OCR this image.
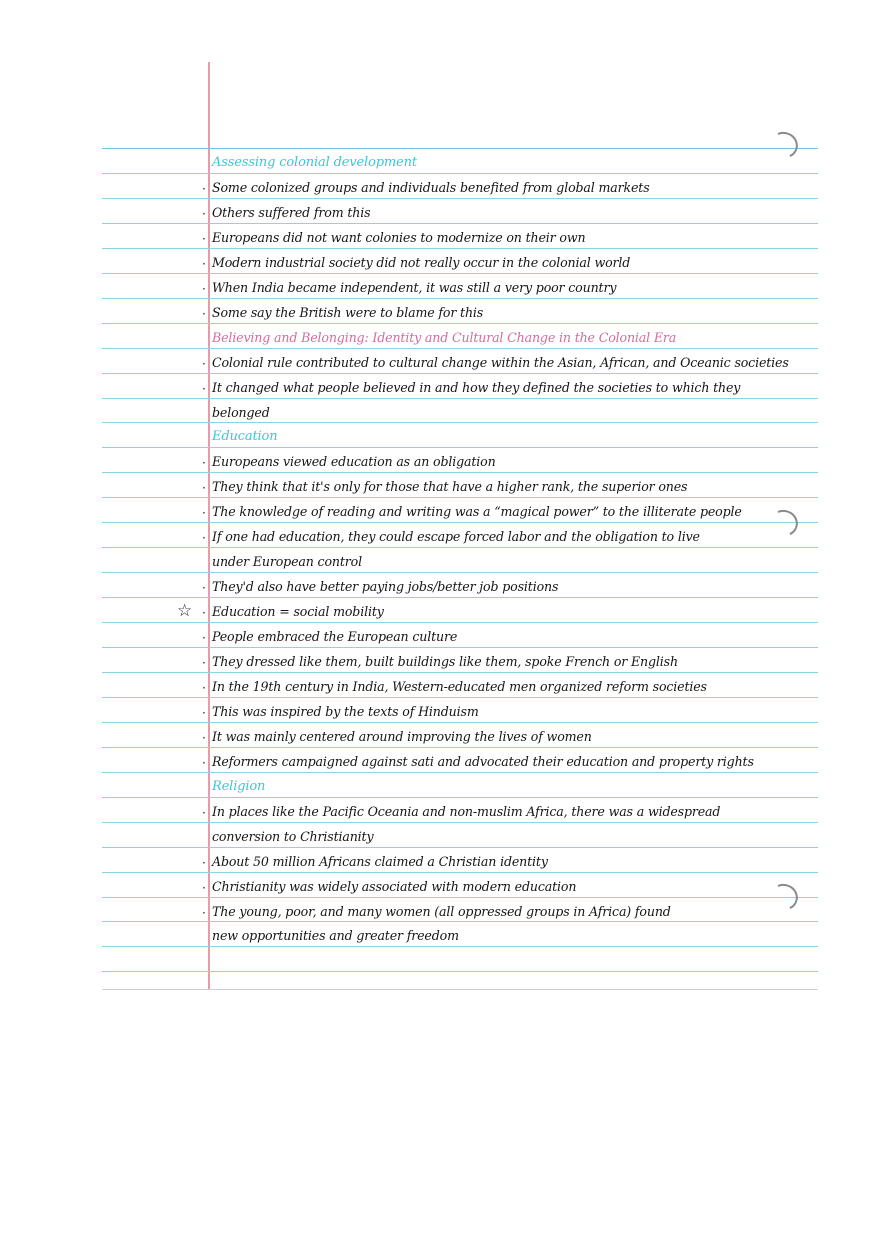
Assessing colonial development
· Some colonized groups and individuals benefited from global markets
· Others suffered from this
· Europeans did not want colonies to modernize on their own
· Modern industrial society did not really occur in the colonial world
· When India became independent, it was still a very poor country
· Some say the British were to blame for this
Believing and Belonging: Identity and Cultural Change in the Colonial Era
· Colonial rule contributed to cultural change within the Asian, African, and Oceanic societies
· It changed what people believed in and how they defined the societies to which they
belonged
Education
· Europeans viewed education as an obligation
· They think that it's only for those that have a higher rank, the superior ones
· The knowledge of reading and writing was a “magical power” to the illiterate people
· If one had education, they could escape forced labor and the obligation to live
under European control
· They'd also have better paying jobs/better job positions
☆ · Education = social mobility
· People embraced the European culture
· They dressed like them, built buildings like them, spoke French or English
· In the 19th century in India, Western-educated men organized reform societies
· This was inspired by the texts of Hinduism
· It was mainly centered around improving the lives of women
· Reformers campaigned against sati and advocated their education and property rights
Religion
· In places like the Pacific Oceania and non-muslim Africa, there was a widespread
conversion to Christianity
· About 50 million Africans claimed a Christian identity
· Christianity was widely associated with modern education
· The young, poor, and many women (all oppressed groups in Africa) found
new opportunities and greater freedom
